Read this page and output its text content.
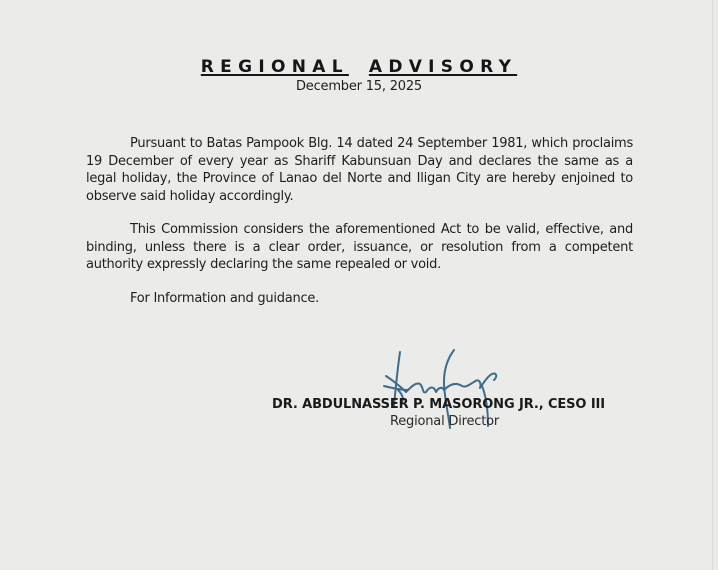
REGIONAL ADVISORY
December 15, 2025

Pursuant to Batas Pampook Blg. 14 dated 24 September 1981, which proclaims 19 December of every year as Shariff Kabunsuan Day and declares the same as a legal holiday, the Province of Lanao del Norte and Iligan City are hereby enjoined to observe said holiday accordingly.

This Commission considers the aforementioned Act to be valid, effective, and binding, unless there is a clear order, issuance, or resolution from a competent authority expressly declaring the same repealed or void.

For Information and guidance.

DR. ABDULNASSER P. MASORONG JR., CESO III
Regional Director
